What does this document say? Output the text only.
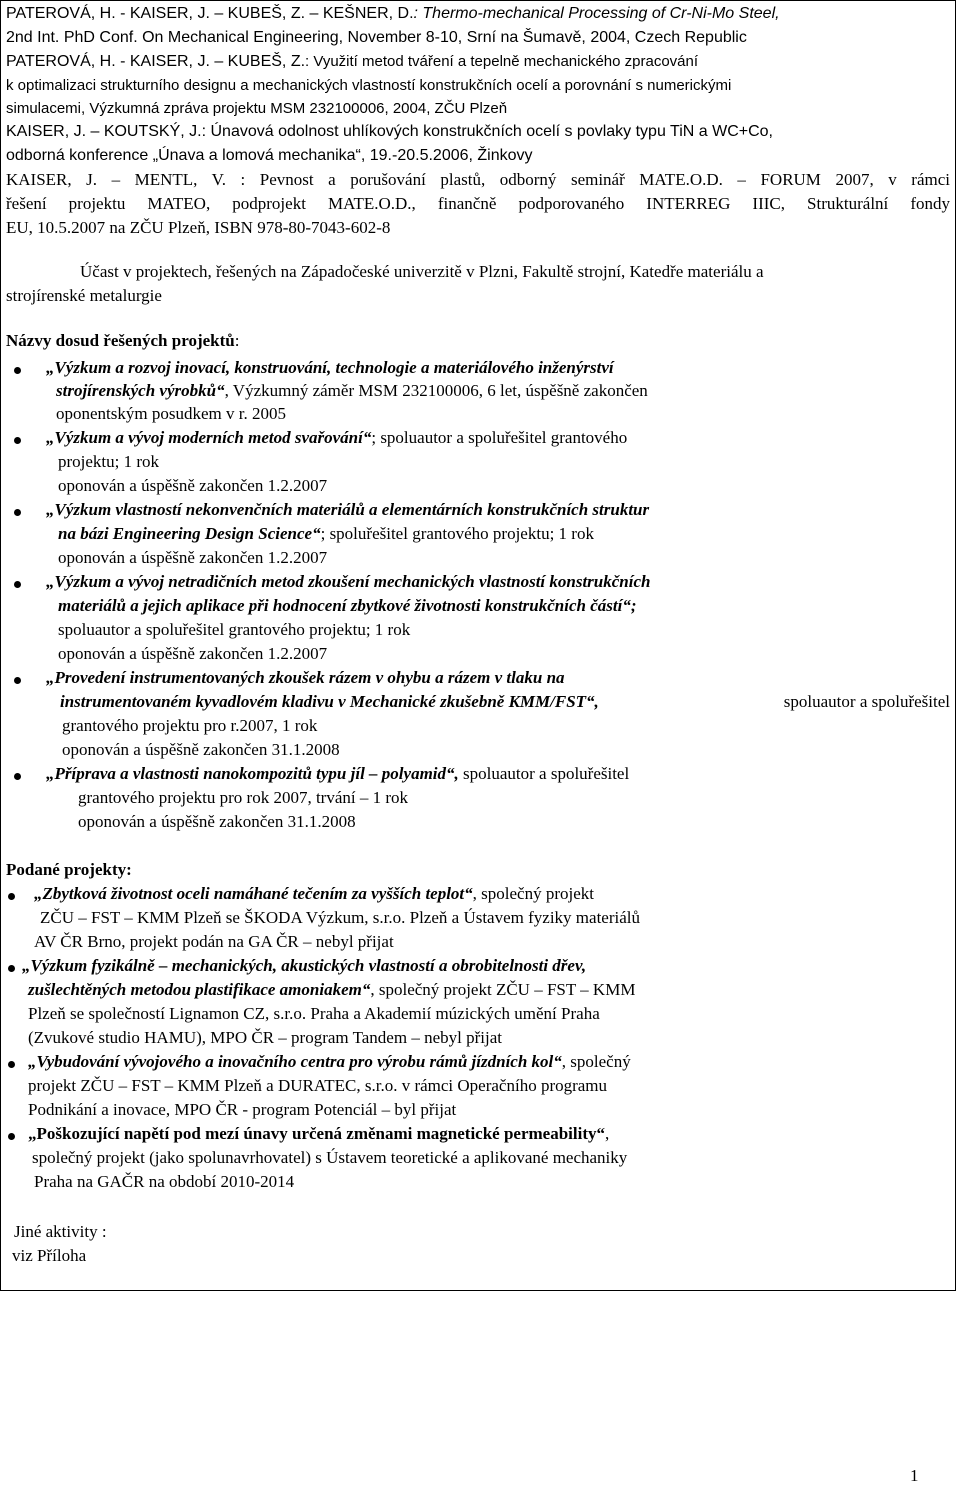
PATEROVÁ, H. - KAISER, J. – KUBEŠ, Z. – KEŠNER, D.: Thermo-mechanical Processing of Cr-Ni-Mo Steel,
2nd Int. PhD Conf. On Mechanical Engineering, November 8-10, Srní na Šumavě, 2004, Czech Republic
PATEROVÁ, H. - KAISER, J. – KUBEŠ, Z.: Využití metod tváření a tepelně mechanického zpracování
k optimalizaci strukturního designu a mechanických vlastností konstrukčních ocelí a porovnání s numerickými
simulacemi, Výzkumná zpráva projektu MSM 232100006, 2004, ZČU Plzeň
KAISER, J. – KOUTSKÝ, J.: Únavová odolnost uhlíkových konstrukčních ocelí s povlaky typu TiN a WC+Co,
odborná konference „Únava a lomová mechanika“, 19.-20.5.2006, Žinkovy
KAISER, J. – MENTL, V. : Pevnost a porušování plastů, odborný seminář MATE.O.D. – FORUM 2007, v rámci
řešení projektu MATEO, podprojekt MATE.O.D., finančně podporovaného INTERREG IIIC, Strukturální fondy
EU, 10.5.2007 na ZČU Plzeň, ISBN 978-80-7043-602-8
Účast v projektech, řešených na Západočeské univerzitě v Plzni, Fakultě strojní, Katedře materiálu a
strojírenské metalurgie
Názvy dosud řešených projektů:
„Výzkum a rozvoj inovací, konstruování, technologie a materiálového inženýrství
strojírenských výrobků“, Výzkumný záměr MSM 232100006, 6 let, úspěšně zakončen
oponentským posudkem v r. 2005
„Výzkum a vývoj moderních metod svařování“; spoluautor a spoluřešitel grantového
projektu; 1 rok
oponován a úspěšně zakončen 1.2.2007
„Výzkum vlastností nekonvenčních materiálů a elementárních konstrukčních struktur
na bázi Engineering Design Science“; spoluřešitel grantového projektu; 1 rok
oponován a úspěšně zakončen 1.2.2007
„Výzkum a vývoj netradičních metod zkoušení mechanických vlastností konstrukčních
materiálů a jejich aplikace při hodnocení zbytkové životnosti konstrukčních částí“;
spoluautor a spoluřešitel grantového projektu; 1 rok
oponován a úspěšně zakončen 1.2.2007
„Provedení instrumentovaných zkoušek rázem v ohybu a rázem v tlaku na
instrumentovaném kyvadlovém kladivu v Mechanické zkušebně KMM/FST“,	spoluautor a spoluřešitel
grantového projektu pro r.2007, 1 rok
oponován a úspěšně zakončen 31.1.2008
„Příprava a vlastnosti nanokompozitů typu jíl – polyamid“, spoluautor a spoluřešitel
grantového projektu pro rok 2007, trvání – 1 rok
oponován a úspěšně zakončen 31.1.2008
Podané projekty:
„Zbytková životnost oceli namáhané tečením za vyšších teplot“, společný projekt
ZČU – FST – KMM Plzeň se ŠKODA Výzkum, s.r.o. Plzeň a Ústavem fyziky materiálů
AV ČR Brno, projekt podán na GA ČR – nebyl přijat
„Výzkum fyzikálně – mechanických, akustických vlastností a obrobitelnosti dřev,
zušlechtěných metodou plastifikace amoniakem“, společný projekt ZČU – FST – KMM
Plzeň se společností Lignamon CZ, s.r.o. Praha a Akademií múzických umění Praha
(Zvukové studio HAMU), MPO ČR – program Tandem – nebyl přijat
„Vybudování vývojového a inovačního centra pro výrobu rámů jízdních kol“, společný
projekt ZČU – FST – KMM Plzeň a DURATEC, s.r.o. v rámci Operačního programu
Podnikání a inovace, MPO ČR - program Potenciál – byl přijat
„Poškozující napětí pod mezí únavy určená změnami magnetické permeability“,
společný projekt (jako spolunavrhovatel) s Ústavem teoretické a aplikované mechaniky
Praha na GAČR na období 2010-2014
Jiné aktivity :
viz Příloha
1
